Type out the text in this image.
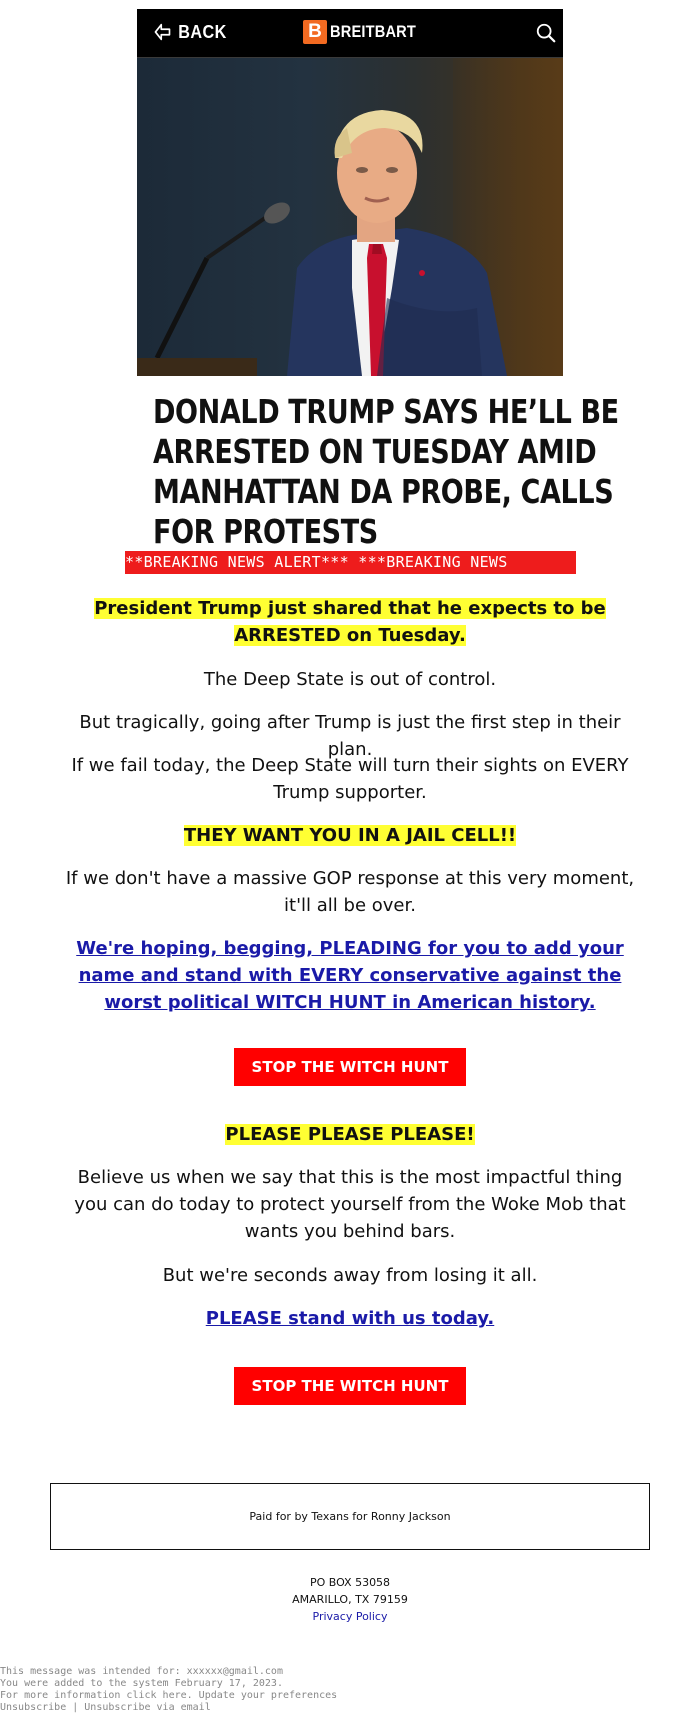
BACK	B BREITBART
DONALD TRUMP SAYS HE’LL BE
ARRESTED ON TUESDAY AMID
MANHATTAN DA PROBE, CALLS
FOR PROTESTS
**BREAKING NEWS ALERT*** ***BREAKING NEWS
President Trump just shared that he expects to be ARRESTED on Tuesday.
The Deep State is out of control.
But tragically, going after Trump is just the first step in their plan.
If we fail today, the Deep State will turn their sights on EVERY Trump supporter.
THEY WANT YOU IN A JAIL CELL!!
If we don't have a massive GOP response at this very moment, it'll all be over.
We're hoping, begging, PLEADING for you to add your name and stand with EVERY conservative against the worst political WITCH HUNT in American history.
STOP THE WITCH HUNT
PLEASE PLEASE PLEASE!
Believe us when we say that this is the most impactful thing you can do today to protect yourself from the Woke Mob that wants you behind bars.
But we're seconds away from losing it all.
PLEASE stand with us today.
STOP THE WITCH HUNT
Paid for by Texans for Ronny Jackson
PO BOX 53058
AMARILLO, TX 79159
Privacy Policy
This message was intended for: xxxxxx@gmail.com
You were added to the system February 17, 2023.
For more information click here. Update your preferences
Unsubscribe | Unsubscribe via email
